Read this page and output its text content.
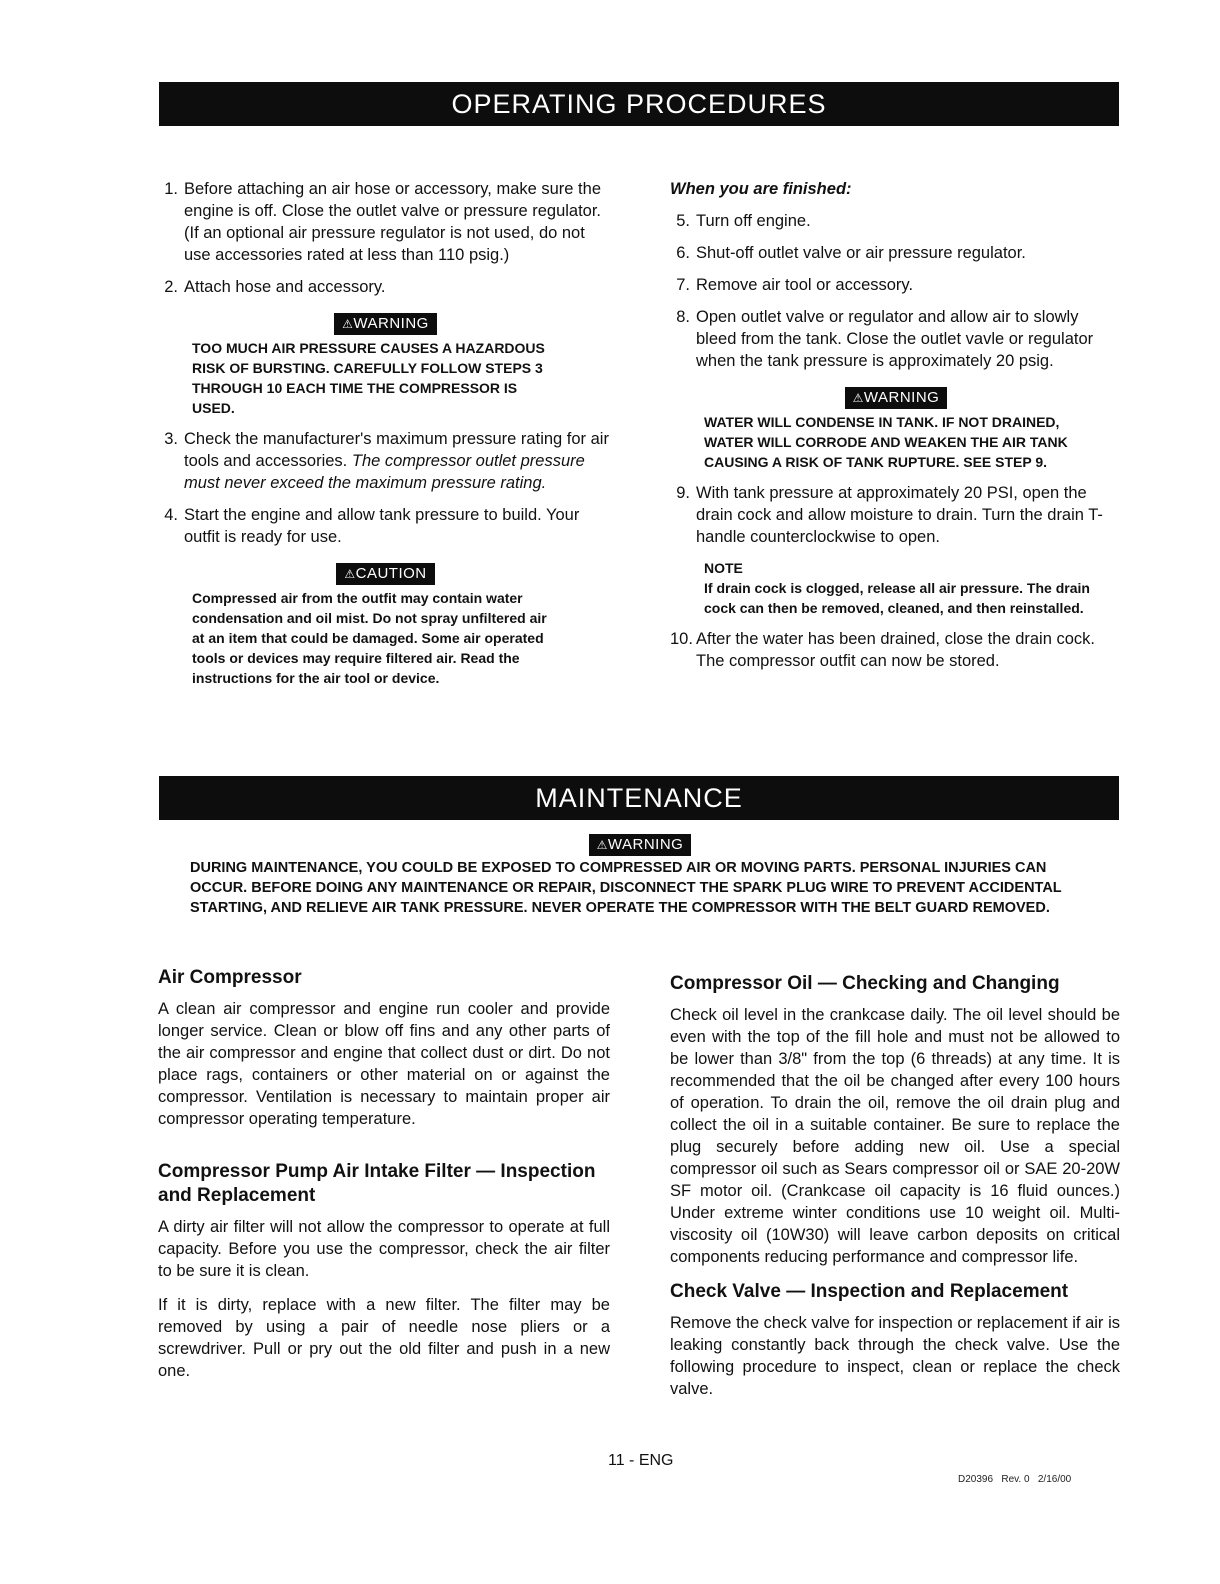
OPERATING PROCEDURES
1 . Before attaching an air hose or accessory, make sure the engine is off. Close the outlet valve or pressure regulator. (If an optional air pressure regulator is not used, do not use accessories rated at less than 110 psig.)
2 . Attach hose and accessory.
⚠WARNING
TOO MUCH AIR PRESSURE CAUSES A HAZARDOUS RISK OF BURSTING. CAREFULLY FOLLOW STEPS 3 THROUGH 10 EACH TIME THE COMPRESSOR IS USED.
3 . Check the manufacturer's maximum pressure rating for air tools and accessories. The compressor outlet pressure must never exceed the maximum pressure rating.
4 . Start the engine and allow tank pressure to build. Your outfit is ready for use.
⚠CAUTION
Compressed air from the outfit may contain water condensation and oil mist. Do not spray unfiltered air at an item that could be damaged. Some air operated tools or devices may require filtered air. Read the instructions for the air tool or device.
When you are finished:
5 . Turn off engine.
6 . Shut-off outlet valve or air pressure regulator.
7 . Remove air tool or accessory.
8 . Open outlet valve or regulator and allow air to slowly bleed from the tank. Close the outlet vavle or regulator when the tank pressure is approximately 20 psig.
⚠WARNING
WATER WILL CONDENSE IN TANK. IF NOT DRAINED, WATER WILL CORRODE AND WEAKEN THE AIR TANK CAUSING A RISK OF TANK RUPTURE. SEE STEP 9.
9 . With tank pressure at approximately 20 PSI, open the drain cock and allow moisture to drain. Turn the drain T-handle counterclockwise to open.
NOTE
If drain cock is clogged, release all air pressure. The drain cock can then be removed, cleaned, and then reinstalled.
10 . After the water has been drained, close the drain cock. The compressor outfit can now be stored.
MAINTENANCE
⚠WARNING
DURING MAINTENANCE, YOU COULD BE EXPOSED TO COMPRESSED AIR OR MOVING PARTS. PERSONAL INJURIES CAN OCCUR. BEFORE DOING ANY MAINTENANCE OR REPAIR, DISCONNECT THE SPARK PLUG WIRE TO PREVENT ACCIDENTAL STARTING, AND RELIEVE AIR TANK PRESSURE. NEVER OPERATE THE COMPRESSOR WITH THE BELT GUARD REMOVED.
Air Compressor
A clean air compressor and engine run cooler and provide longer service. Clean or blow off fins and any other parts of the air compressor and engine that collect dust or dirt. Do not place rags, containers or other material on or against the compressor. Ventilation is necessary to maintain proper air compressor operating temperature.
Compressor Pump Air Intake Filter — Inspection and Replacement
A dirty air filter will not allow the compressor to operate at full capacity. Before you use the compressor, check the air filter to be sure it is clean.
If it is dirty, replace with a new filter. The filter may be removed by using a pair of needle nose pliers or a screwdriver. Pull or pry out the old filter and push in a new one.
Compressor Oil — Checking and Changing
Check oil level in the crankcase daily. The oil level should be even with the top of the fill hole and must not be allowed to be lower than 3/8" from the top (6 threads) at any time. It is recommended that the oil be changed after every 100 hours of operation. To drain the oil, remove the oil drain plug and collect the oil in a suitable container. Be sure to replace the plug securely before adding new oil. Use a special compressor oil such as Sears compressor oil or SAE 20-20W SF motor oil. (Crankcase oil capacity is 16 fluid ounces.) Under extreme winter conditions use 10 weight oil. Multi-viscosity oil (10W30) will leave carbon deposits on critical components reducing performance and compressor life.
Check Valve — Inspection and Replacement
Remove the check valve for inspection or replacement if air is leaking constantly back through the check valve. Use the following procedure to inspect, clean or replace the check valve.
11 - ENG
D20396   Rev. 0   2/16/00
